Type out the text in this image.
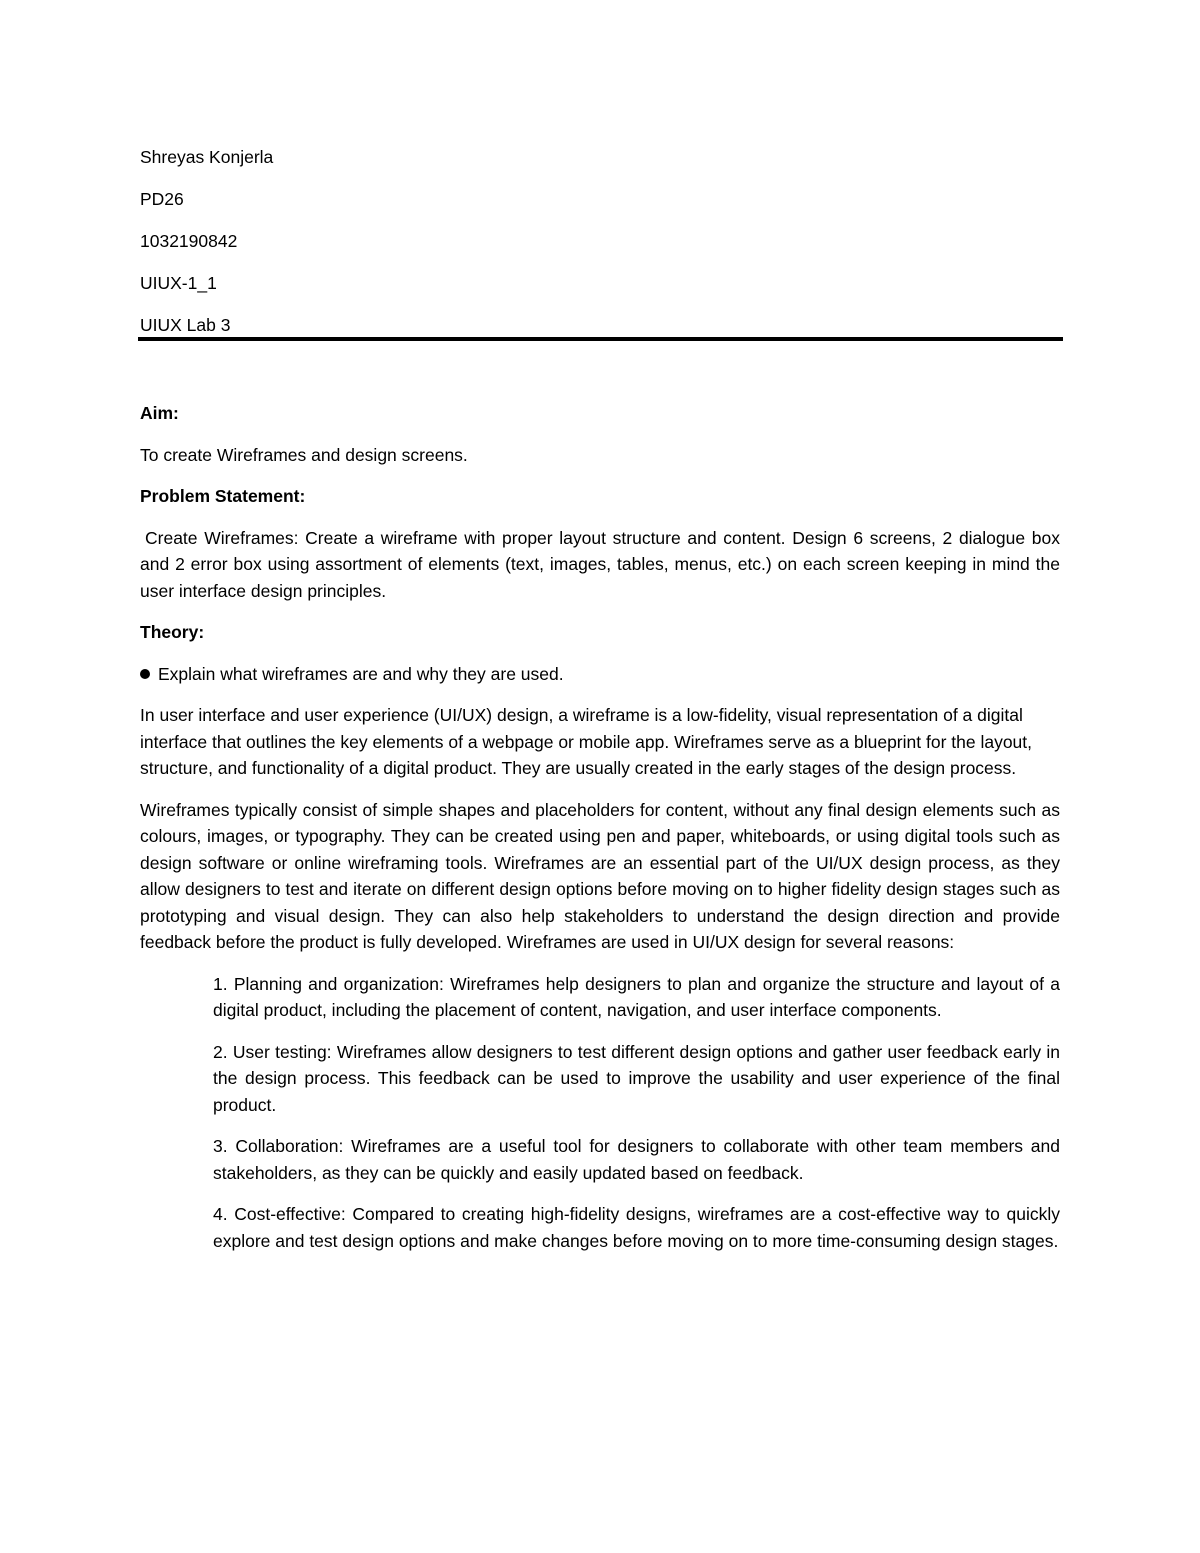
Shreyas Konjerla
PD26
1032190842
UIUX-1_1
UIUX Lab 3
Aim:
To create Wireframes and design screens.
Problem Statement:
Create Wireframes: Create a wireframe with proper layout structure and content. Design 6 screens, 2 dialogue box and 2 error box using assortment of elements (text, images, tables, menus, etc.) on each screen keeping in mind the user interface design principles.
Theory:
Explain what wireframes are and why they are used.
In user interface and user experience (UI/UX) design, a wireframe is a low-fidelity, visual representation of a digital interface that outlines the key elements of a webpage or mobile app. Wireframes serve as a blueprint for the layout, structure, and functionality of a digital product. They are usually created in the early stages of the design process.
Wireframes typically consist of simple shapes and placeholders for content, without any final design elements such as colours, images, or typography. They can be created using pen and paper, whiteboards, or using digital tools such as design software or online wireframing tools. Wireframes are an essential part of the UI/UX design process, as they allow designers to test and iterate on different design options before moving on to higher fidelity design stages such as prototyping and visual design. They can also help stakeholders to understand the design direction and provide feedback before the product is fully developed. Wireframes are used in UI/UX design for several reasons:
1. Planning and organization: Wireframes help designers to plan and organize the structure and layout of a digital product, including the placement of content, navigation, and user interface components.
2. User testing: Wireframes allow designers to test different design options and gather user feedback early in the design process. This feedback can be used to improve the usability and user experience of the final product.
3. Collaboration: Wireframes are a useful tool for designers to collaborate with other team members and stakeholders, as they can be quickly and easily updated based on feedback.
4. Cost-effective: Compared to creating high-fidelity designs, wireframes are a cost-effective way to quickly explore and test design options and make changes before moving on to more time-consuming design stages.
